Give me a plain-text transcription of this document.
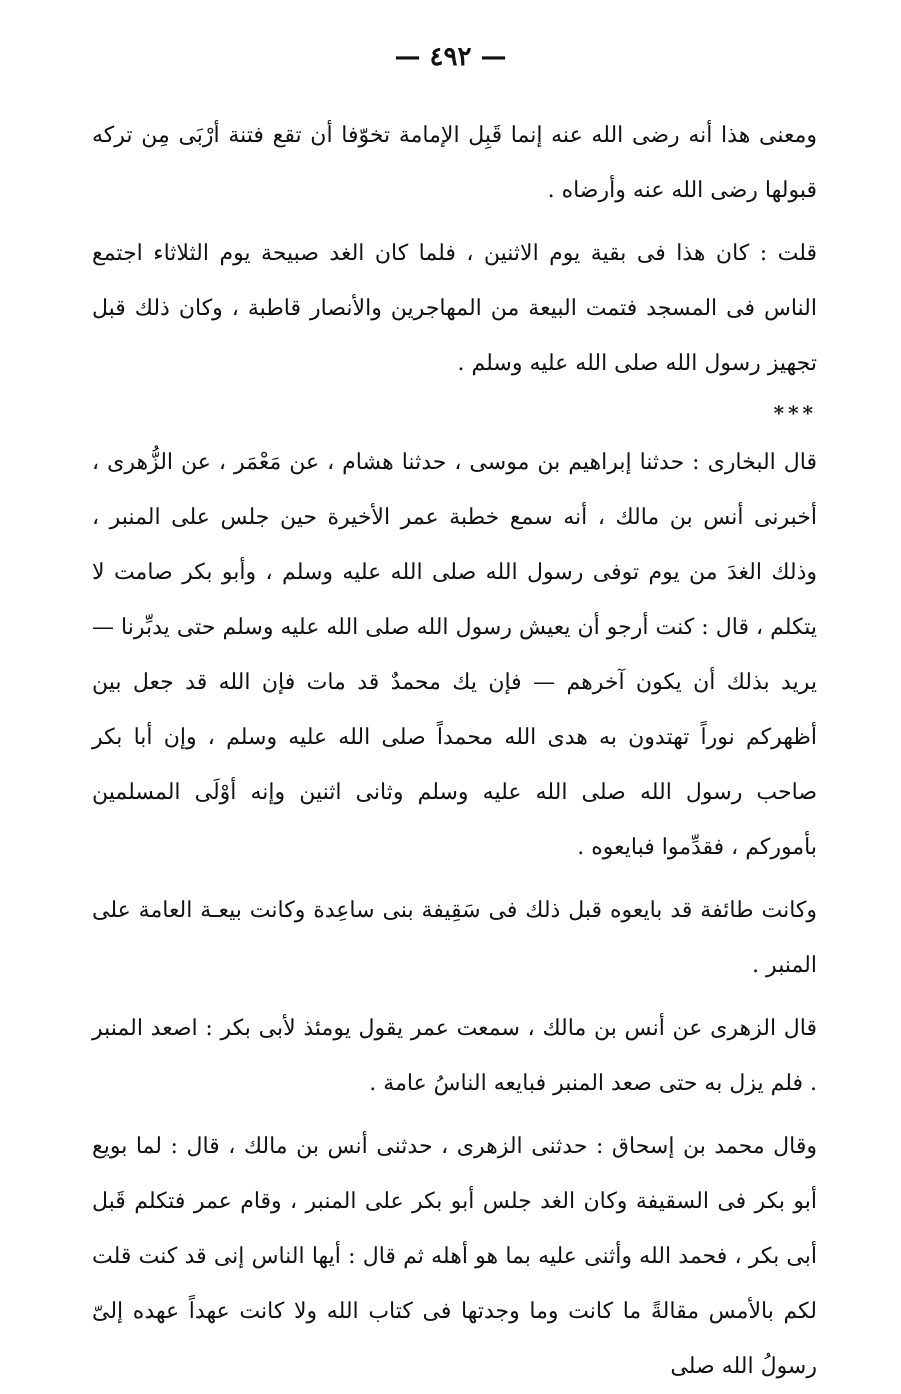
— ٤٩٢ —

ومعنى هذا أنه رضى الله عنه إنما قَبِل الإمامة تخوّفا أن تقع فتنة أرْبَى مِن تركه قبولها رضى الله عنه وأرضاه .

قلت : كان هذا فى بقية يوم الاثنين ، فلما كان الغد صبيحة يوم الثلاثاء اجتمع الناس فى المسجد فتمت البيعة من المهاجرين والأنصار قاطبة ، وكان ذلك قبل تجهيز رسول الله صلى الله عليه وسلم .

***

قال البخارى : حدثنا إبراهيم بن موسى ، حدثنا هشام ، عن مَعْمَر ، عن الزُّهرى ، أخبرنى أنس بن مالك ، أنه سمع خطبة عمر الأخيرة حين جلس على المنبر ، وذلك الغدَ من يوم توفى رسول الله صلى الله عليه وسلم ، وأبو بكر صامت لا يتكلم ، قال : كنت أرجو أن يعيش رسول الله صلى الله عليه وسلم حتى يدبِّرنا — يريد بذلك أن يكون آخرهم — فإن يك محمدٌ قد مات فإن الله قد جعل بين أظهركم نوراً تهتدون به هدى الله محمداً صلى الله عليه وسلم ، وإن أبا بكر صاحب رسول الله صلى الله عليه وسلم وثانى اثنين وإنه أوْلَى المسلمين بأموركم ، فقدِّموا فبايعوه .

وكانت طائفة قد بايعوه قبل ذلك فى سَقِيفة بنى ساعِدة وكانت بيعـة العامة على المنبر .

قال الزهرى عن أنس بن مالك ، سمعت عمر يقول يومئذ لأبى بكر : اصعد المنبر . فلم يزل به حتى صعد المنبر فبايعه الناسُ عامة .

وقال محمد بن إسحاق : حدثنى الزهرى ، حدثنى أنس بن مالك ، قال : لما بويع أبو بكر فى السقيفة وكان الغد جلس أبو بكر على المنبر ، وقام عمر فتكلم قَبل أبى بكر ، فحمد الله وأثنى عليه بما هو أهله ثم قال : أيها الناس إنى قد كنت قلت لكم بالأمس مقالةً ما كانت وما وجدتها فى كتاب الله ولا كانت عهداً عهده إلىّ رسولُ الله صلى
